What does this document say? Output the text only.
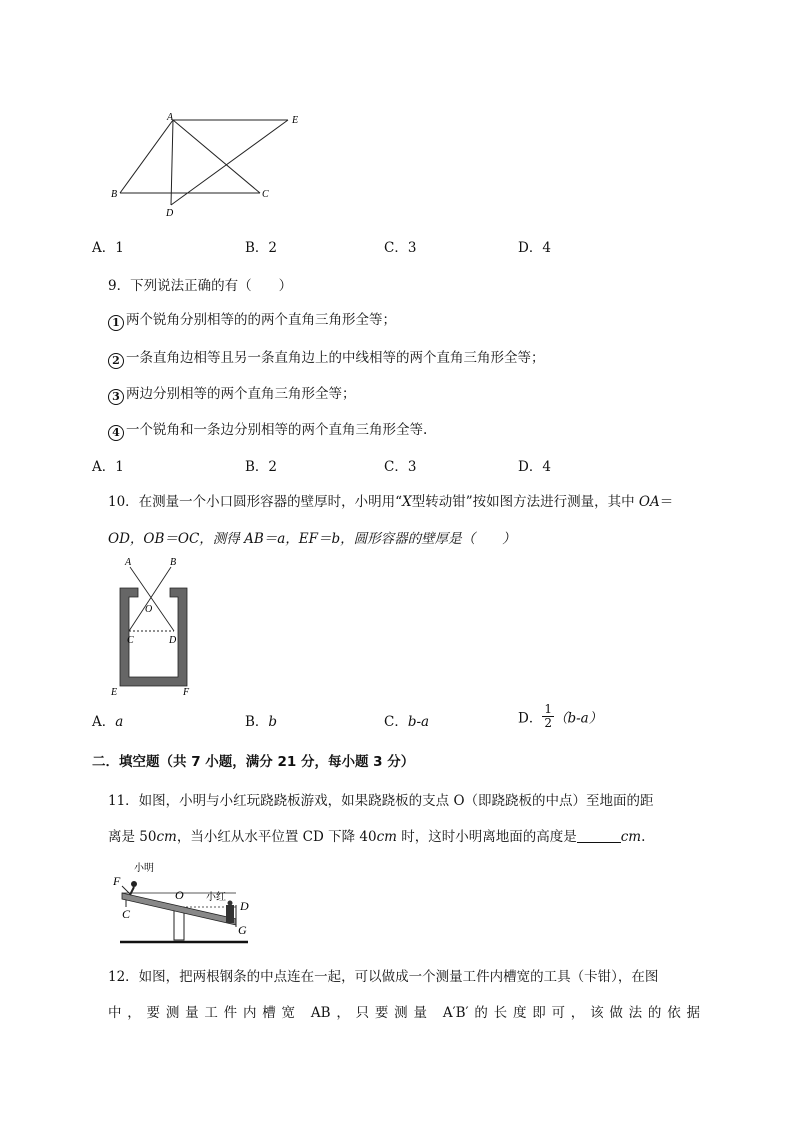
A	E
B	C
D
A．1	B．2	C．3	D．4
9．下列说法正确的有（　　）
1 两个锐角分别相等的的两个直角三角形全等；
2 一条直角边相等且另一条直角边上的中线相等的两个直角三角形全等；
3 两边分别相等的两个直角三角形全等；
4 一个锐角和一条边分别相等的两个直角三角形全等.
A．1	B．2	C．3	D．4
10．在测量一个小口圆形容器的壁厚时，小明用“X型转动钳”按如图方法进行测量，其中 OA＝
OD，OB＝OC，测得 AB＝a，EF＝b，圆形容器的壁厚是（　　）
A	B
O
C	D
E	F
A．a	B．b	C．b-a	D． $\frac{1}{2} (b-a)$
二．填空题（共 7 小题，满分 21 分，每小题 3 分）
11．如图，小明与小红玩跷跷板游戏，如果跷跷板的支点 O（即跷跷板的中点）至地面的距
离是 50cm，当小红从水平位置 CD 下降 40cm 时，这时小明离地面的高度是	cm.
小明
F
C
O 小红
D
G
12．如图，把两根钢条的中点连在一起，可以做成一个测量工件内槽宽的工具（卡钳），在图
中，要测量工件内槽宽 AB，只要测量 A′B′的长度即可，该做法的依据
